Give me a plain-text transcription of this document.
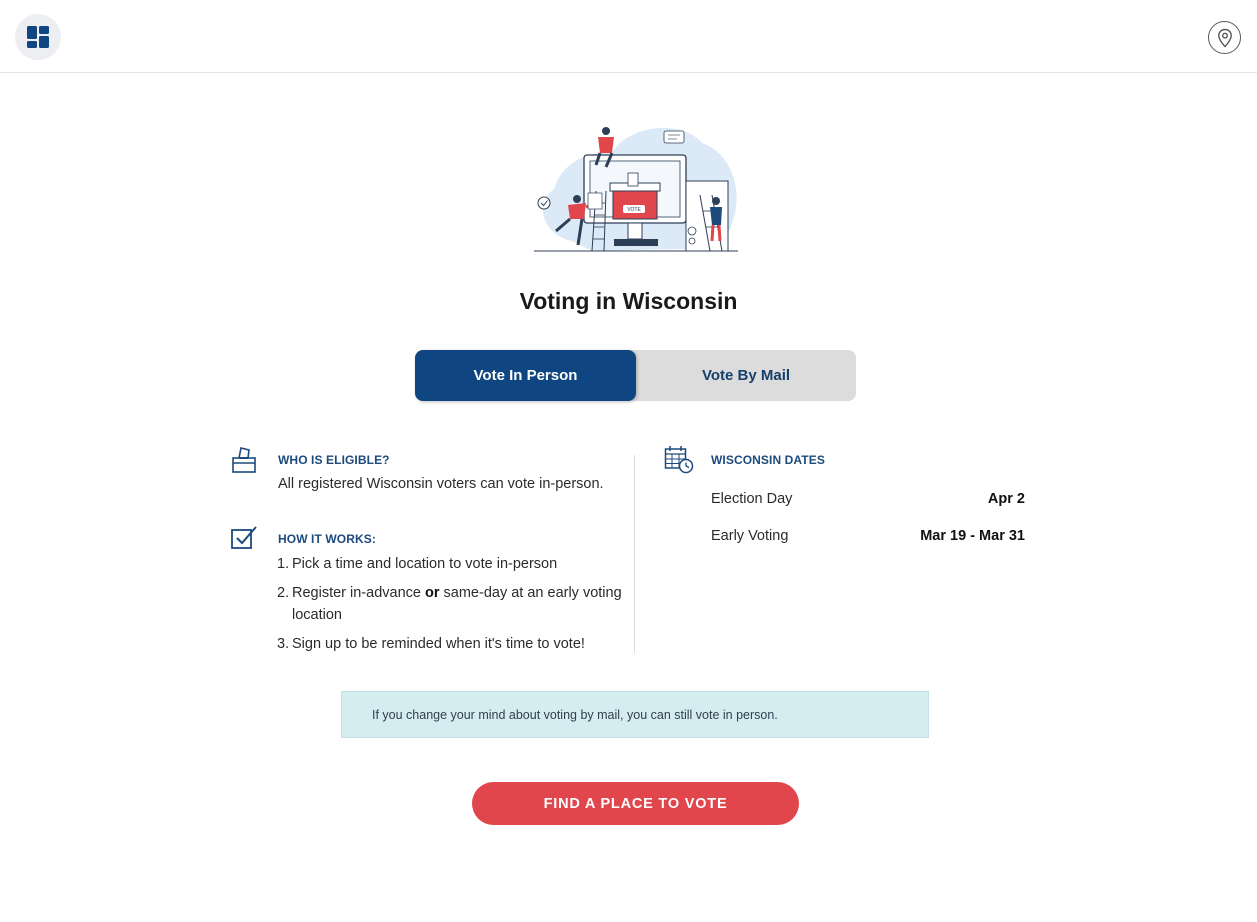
VOTE
Voting in Wisconsin
Vote In Person	Vote By Mail
WHO IS ELIGIBLE?
All registered Wisconsin voters can vote in-person.
HOW IT WORKS:
1. Pick a time and location to vote in-person
2. Register in-advance or same-day at an early voting location
3. Sign up to be reminded when it's time to vote!
WISCONSIN DATES
Election Day	Apr 2
Early Voting	Mar 19 - Mar 31
If you change your mind about voting by mail, you can still vote in person.
FIND A PLACE TO VOTE
